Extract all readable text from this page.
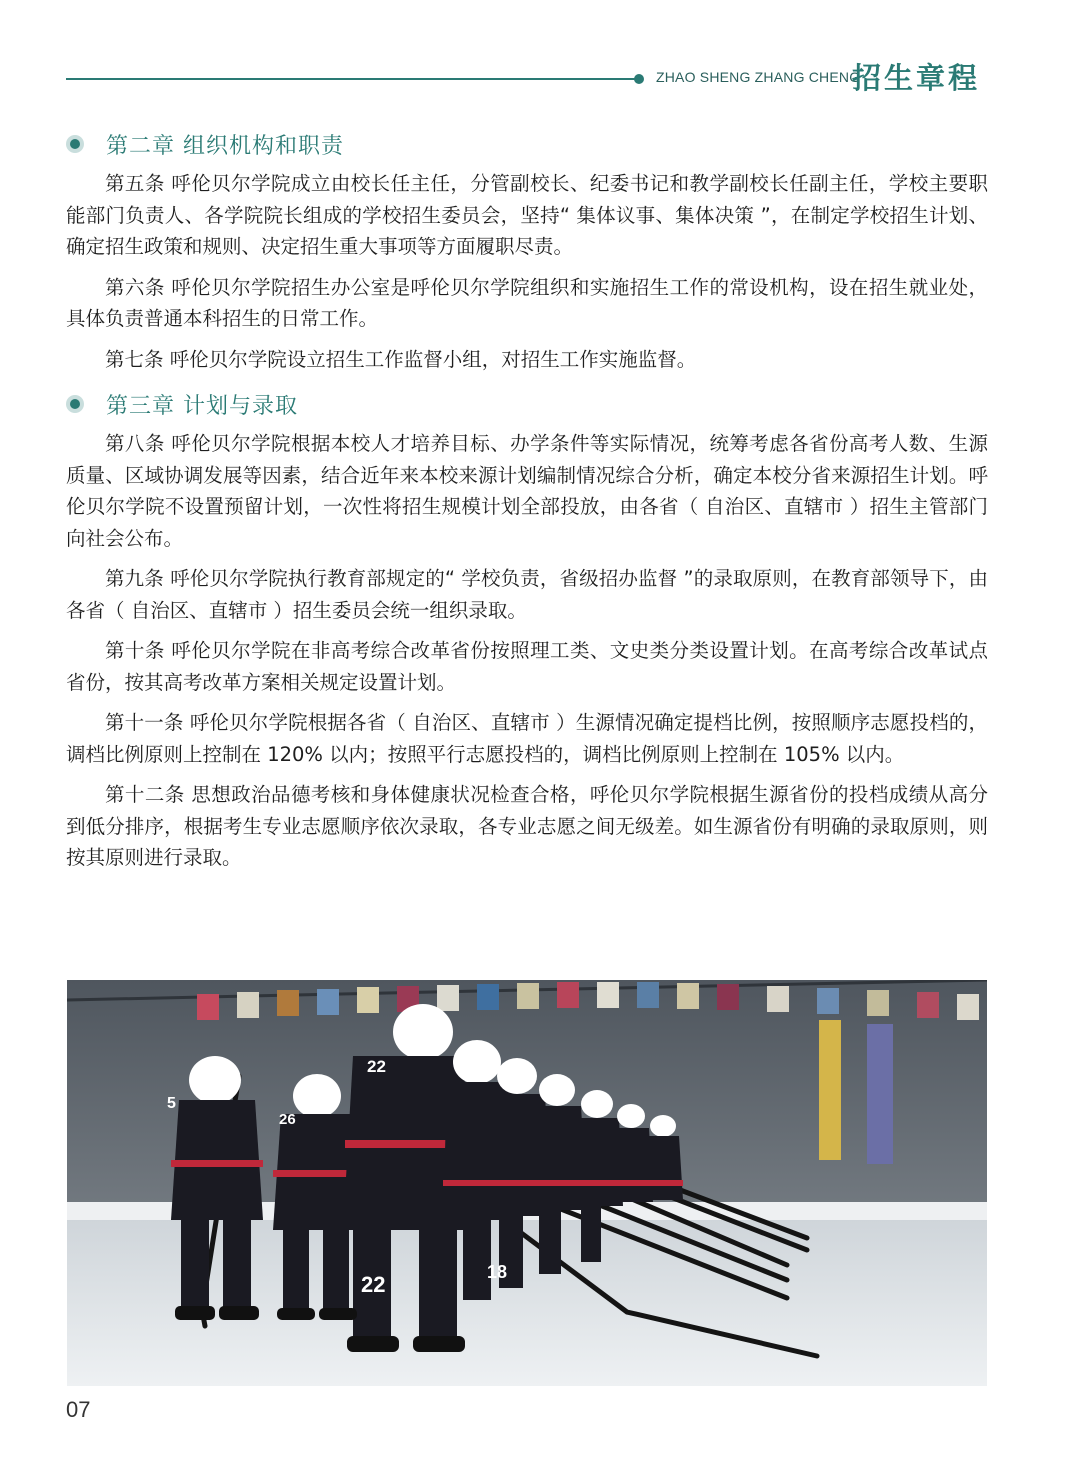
ZHAO SHENG ZHANG CHENG
招生章程
第二章 组织机构和职责

第五条 呼伦贝尔学院成立由校长任主任，分管副校长、纪委书记和教学副校长任副主任，学校主要职能部门负责人、各学院院长组成的学校招生委员会，坚持“ 集体议事、集体决策 ”，在制定学校招生计划、确定招生政策和规则、决定招生重大事项等方面履职尽责。

第六条 呼伦贝尔学院招生办公室是呼伦贝尔学院组织和实施招生工作的常设机构，设在招生就业处，具体负责普通本科招生的日常工作。

第七条 呼伦贝尔学院设立招生工作监督小组，对招生工作实施监督。

第三章 计划与录取

第八条 呼伦贝尔学院根据本校人才培养目标、办学条件等实际情况，统筹考虑各省份高考人数、生源质量、区域协调发展等因素，结合近年来本校来源计划编制情况综合分析，确定本校分省来源招生计划。呼伦贝尔学院不设置预留计划，一次性将招生规模计划全部投放，由各省（ 自治区、直辖市 ）招生主管部门向社会公布。

第九条 呼伦贝尔学院执行教育部规定的“ 学校负责，省级招办监督 ”的录取原则，在教育部领导下，由各省（ 自治区、直辖市 ）招生委员会统一组织录取。

第十条 呼伦贝尔学院在非高考综合改革省份按照理工类、文史类分类设置计划。在高考综合改革试点省份，按其高考改革方案相关规定设置计划。

第十一条 呼伦贝尔学院根据各省（ 自治区、直辖市 ）生源情况确定提档比例，按照顺序志愿投档的，调档比例原则上控制在 120% 以内；按照平行志愿投档的，调档比例原则上控制在 105% 以内。

第十二条 思想政治品德考核和身体健康状况检查合格，呼伦贝尔学院根据生源省份的投档成绩从高分到低分排序，根据考生专业志愿顺序依次录取，各专业志愿之间无级差。如生源省份有明确的录取原则，则按其原则进行录取。

5
26
22
22	18
07
